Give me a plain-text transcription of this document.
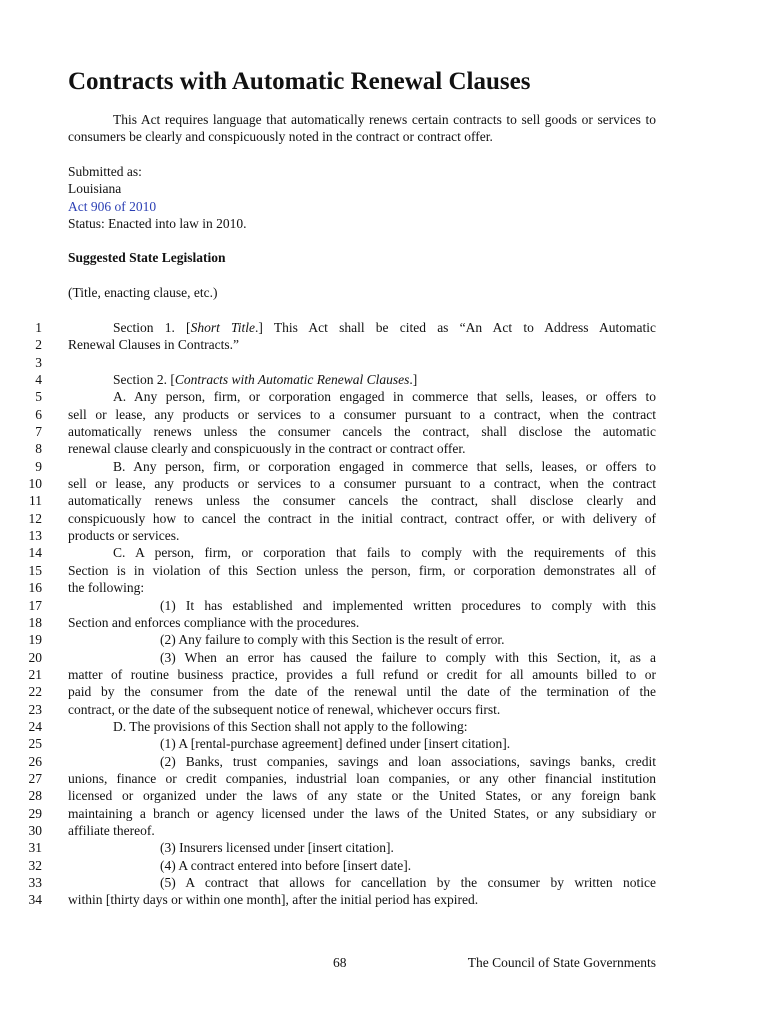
Contracts with Automatic Renewal Clauses
This Act requires language that automatically renews certain contracts to sell goods or services to consumers be clearly and conspicuously noted in the contract or contract offer.
Submitted as:
Louisiana
Act 906 of 2010
Status: Enacted into law in 2010.
Suggested State Legislation
(Title, enacting clause, etc.)
1	Section 1. [Short Title.] This Act shall be cited as “An Act to Address Automatic
2 Renewal Clauses in Contracts.”
3
4	Section 2. [Contracts with Automatic Renewal Clauses.]
5	A. Any person, firm, or corporation engaged in commerce that sells, leases, or offers to
6 sell or lease, any products or services to a consumer pursuant to a contract, when the contract
7 automatically renews unless the consumer cancels the contract, shall disclose the automatic
8 renewal clause clearly and conspicuously in the contract or contract offer.
9	B. Any person, firm, or corporation engaged in commerce that sells, leases, or offers to
10 sell or lease, any products or services to a consumer pursuant to a contract, when the contract
11 automatically renews unless the consumer cancels the contract, shall disclose clearly and
12 conspicuously how to cancel the contract in the initial contract, contract offer, or with delivery of
13 products or services.
14	C. A person, firm, or corporation that fails to comply with the requirements of this
15 Section is in violation of this Section unless the person, firm, or corporation demonstrates all of
16 the following:
17	(1) It has established and implemented written procedures to comply with this
18 Section and enforces compliance with the procedures.
19	(2) Any failure to comply with this Section is the result of error.
20	(3) When an error has caused the failure to comply with this Section, it, as a
21 matter of routine business practice, provides a full refund or credit for all amounts billed to or
22 paid by the consumer from the date of the renewal until the date of the termination of the
23 contract, or the date of the subsequent notice of renewal, whichever occurs first.
24	D. The provisions of this Section shall not apply to the following:
25	(1) A [rental-purchase agreement] defined under [insert citation].
26	(2) Banks, trust companies, savings and loan associations, savings banks, credit
27 unions, finance or credit companies, industrial loan companies, or any other financial institution
28 licensed or organized under the laws of any state or the United States, or any foreign bank
29 maintaining a branch or agency licensed under the laws of the United States, or any subsidiary or
30 affiliate thereof.
31	(3) Insurers licensed under [insert citation].
32	(4) A contract entered into before [insert date].
33	(5) A contract that allows for cancellation by the consumer by written notice
34 within [thirty days or within one month], after the initial period has expired.
68	The Council of State Governments
